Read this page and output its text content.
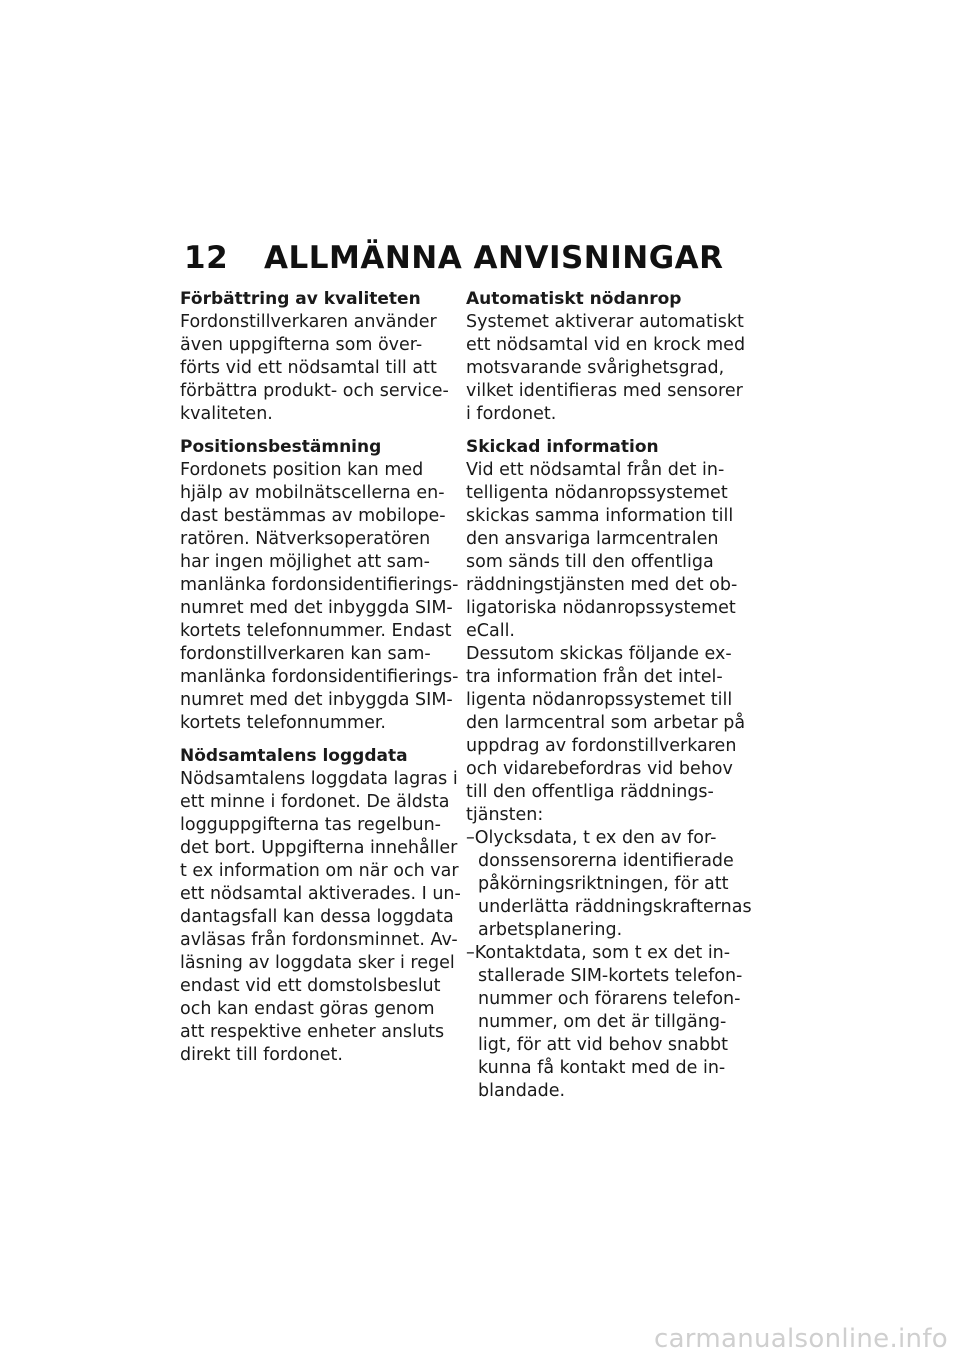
12	ALLMÄNNA ANVISNINGAR
Förbättring av kvaliteten
Fordonstillverkaren använder
även uppgifterna som över-
förts vid ett nödsamtal till att
förbättra produkt- och service-
kvaliteten.
Positionsbestämning
Fordonets position kan med
hjälp av mobilnätscellerna en-
dast bestämmas av mobilope-
ratören. Nätverksoperatören
har ingen möjlighet att sam-
manlänka fordonsidentifierings-
numret med det inbyggda SIM-
kortets telefonnummer. Endast
fordonstillverkaren kan sam-
manlänka fordonsidentifierings-
numret med det inbyggda SIM-
kortets telefonnummer.
Nödsamtalens loggdata
Nödsamtalens loggdata lagras i
ett minne i fordonet. De äldsta
logguppgifterna tas regelbun-
det bort. Uppgifterna innehåller
t ex information om när och var
ett nödsamtal aktiverades. I un-
dantagsfall kan dessa loggdata
avläsas från fordonsminnet. Av-
läsning av loggdata sker i regel
endast vid ett domstolsbeslut
och kan endast göras genom
att respektive enheter ansluts
direkt till fordonet.
Automatiskt nödanrop
Systemet aktiverar automatiskt
ett nödsamtal vid en krock med
motsvarande svårighetsgrad,
vilket identifieras med sensorer
i fordonet.
Skickad information
Vid ett nödsamtal från det in-
telligenta nödanropssystemet
skickas samma information till
den ansvariga larmcentralen
som sänds till den offentliga
räddningstjänsten med det ob-
ligatoriska nödanropssystemet
eCall.
Dessutom skickas följande ex-
tra information från det intel-
ligenta nödanropssystemet till
den larmcentral som arbetar på
uppdrag av fordonstillverkaren
och vidarebefordras vid behov
till den offentliga räddnings-
tjänsten:
–Olycksdata, t ex den av for-
donssensorerna identifierade
påkörningsriktningen, för att
underlätta räddningskrafternas
arbetsplanering.
–Kontaktdata, som t ex det in-
stallerade SIM-kortets telefon-
nummer och förarens telefon-
nummer, om det är tillgäng-
ligt, för att vid behov snabbt
kunna få kontakt med de in-
blandade.
carmanualsonline.info
